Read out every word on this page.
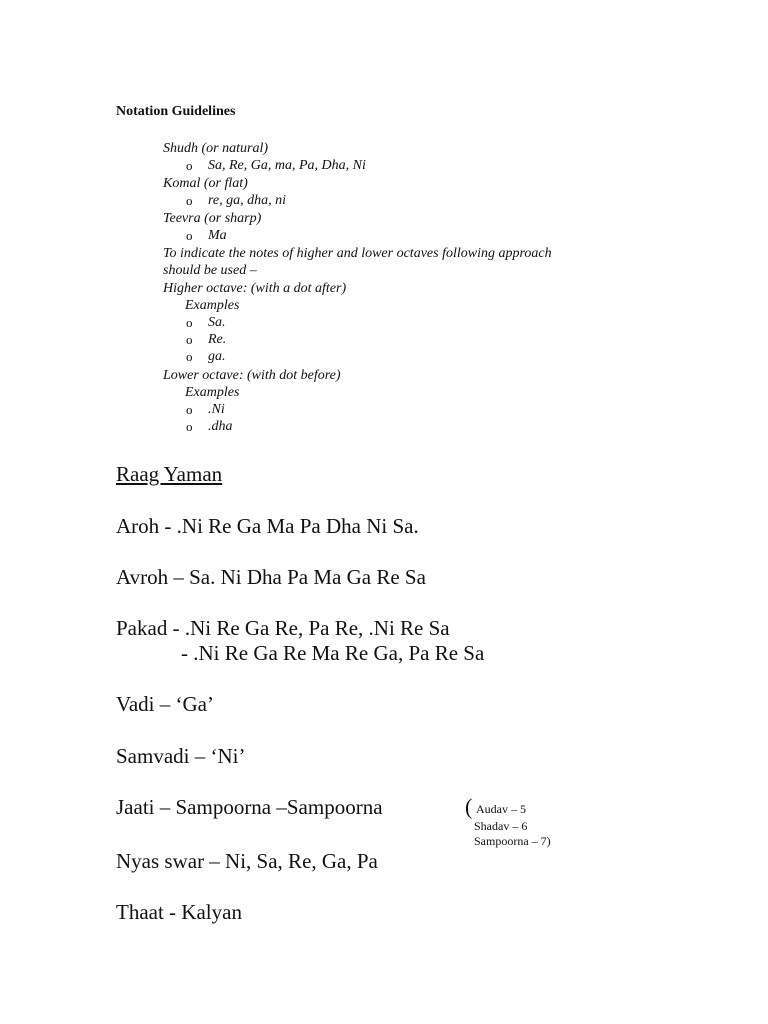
Notation Guidelines
Shudh (or natural)
o Sa, Re, Ga, ma, Pa, Dha, Ni
Komal (or flat)
o re, ga, dha, ni
Teevra (or sharp)
o Ma
To indicate the notes of higher and lower octaves following approach
should be used –
Higher octave: (with a dot after)
Examples
o Sa.
o Re.
o ga.
Lower octave: (with dot before)
Examples
o .Ni
o .dha
Raag Yaman
Aroh - .Ni Re Ga Ma Pa Dha Ni Sa.
Avroh – Sa. Ni Dha Pa Ma Ga Re Sa
Pakad - .Ni Re Ga Re, Pa Re, .Ni Re Sa
- .Ni Re Ga Re Ma Re Ga, Pa Re Sa
Vadi – ‘Ga’
Samvadi – ‘Ni’
Jaati – Sampoorna –Sampoorna	( Audav – 5
Shadav – 6
Sampoorna – 7)
Nyas swar – Ni, Sa, Re, Ga, Pa
Thaat - Kalyan
